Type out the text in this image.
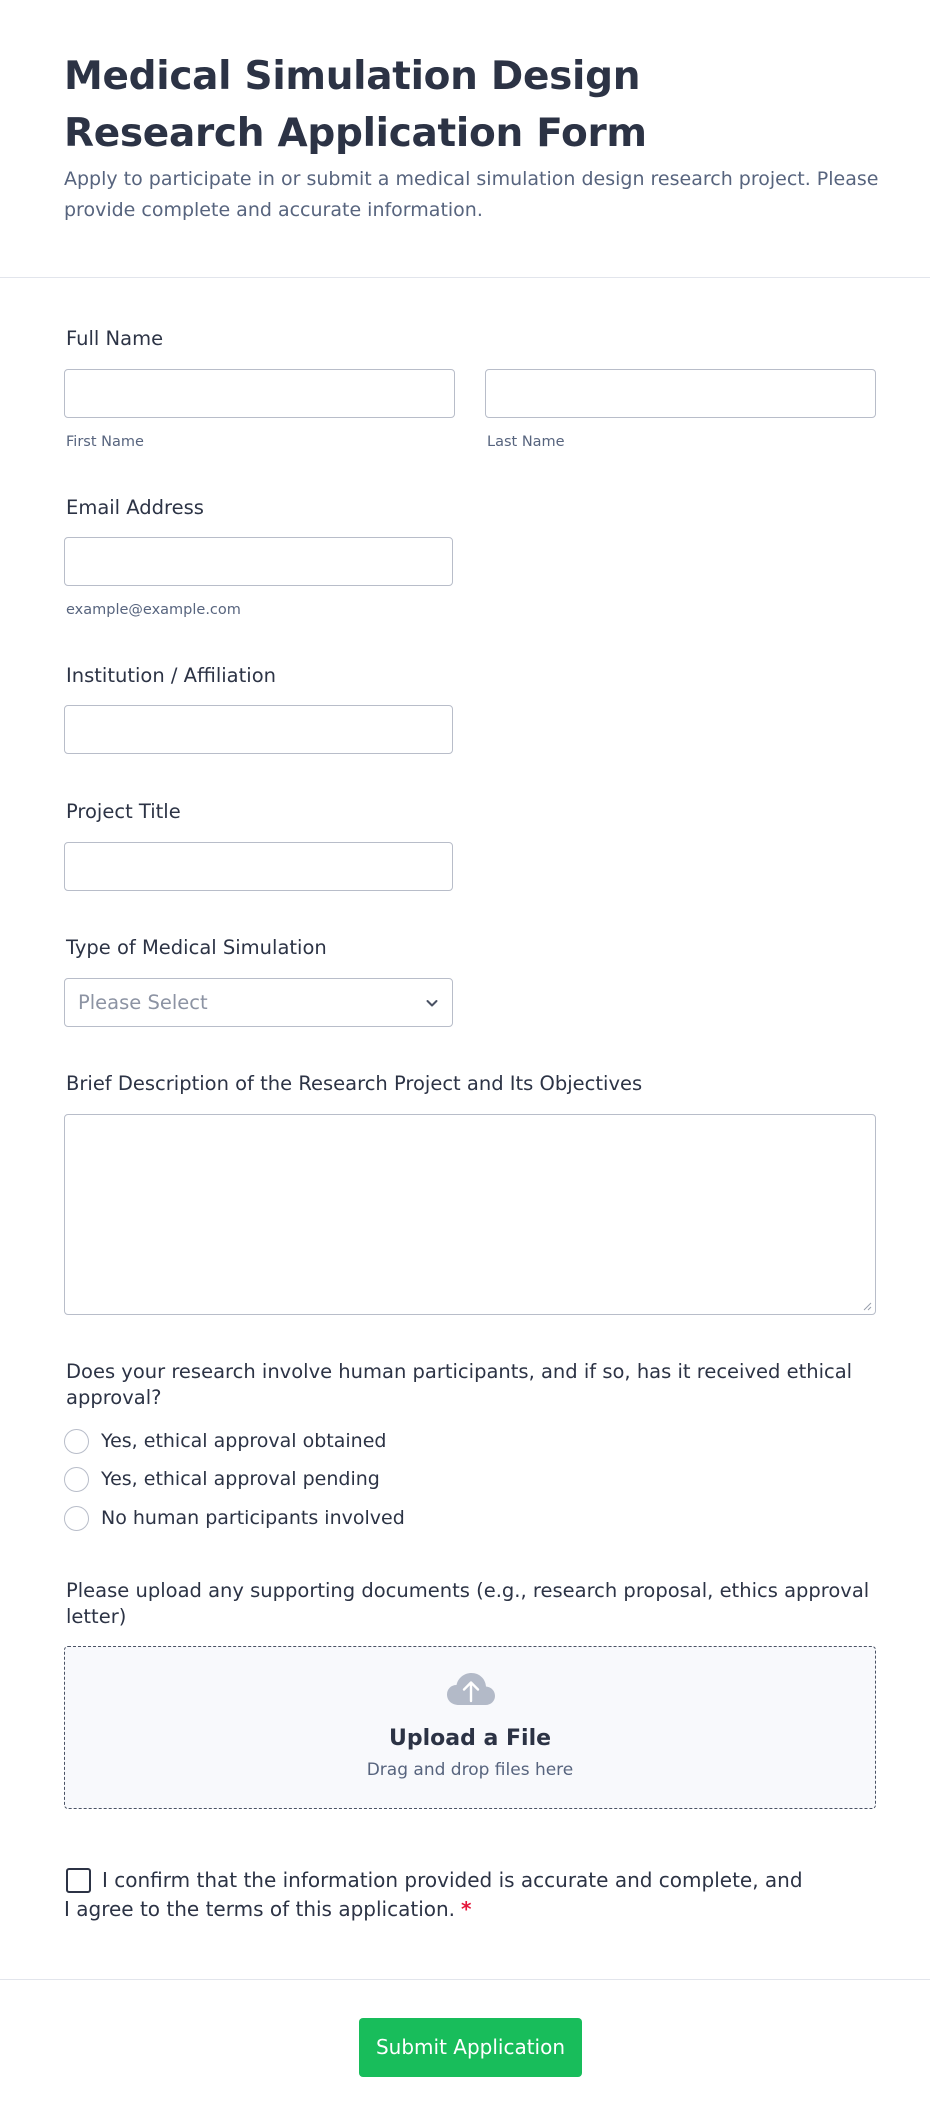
Medical Simulation Design Research Application Form

Apply to participate in or submit a medical simulation design research project. Please provide complete and accurate information.

Full Name
First Name	Last Name
Email Address
example@example.com
Institution / Affiliation
Project Title
Type of Medical Simulation
Please Select
Brief Description of the Research Project and Its Objectives
Does your research involve human participants, and if so, has it received ethical approval?
Yes, ethical approval obtained
Yes, ethical approval pending
No human participants involved
Please upload any supporting documents (e.g., research proposal, ethics approval letter)
Upload a File
Drag and drop files here
I confirm that the information provided is accurate and complete, and I agree to the terms of this application. *
Submit Application
